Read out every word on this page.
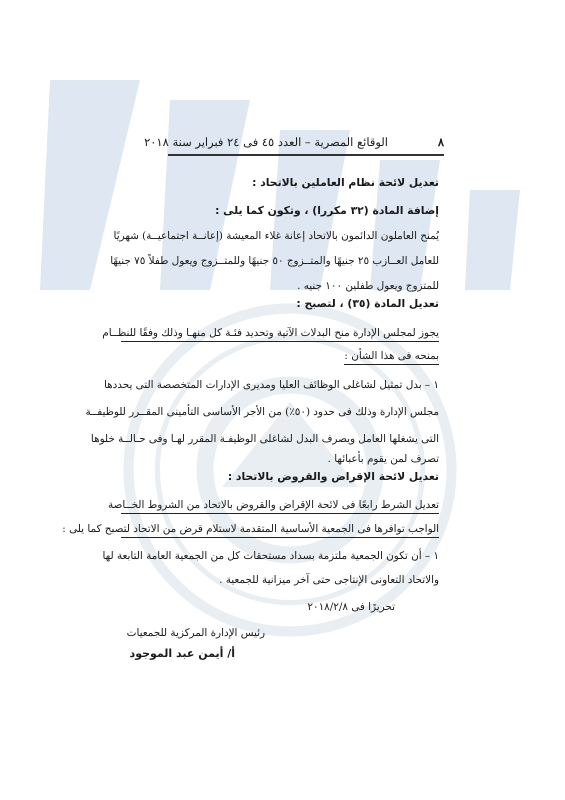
٨
الوقائع المصرية – العدد ٤٥ فى ٢٤ فبراير سنة ٢٠١٨
تعديل لائحة نظام العاملين بالاتحاد :
إضافة المادة (٣٢ مكررا) ، وتكون كما يلى :
يُمنح العاملون الدائمون بالاتحاد إعانة غلاء المعيشة (إعانــة اجتماعيــة) شهريًا
للعامل العــازب ٢٥ جنيهًا والمتــزوج ٥٠ جنيهًا وللمتــزوج ويعول طفلاً ٧٥ جنيهًا
للمتزوج ويعول طفلين ١٠٠ جنيه .
تعديل المادة (٣٥) ، لتصبح :
يجوز لمجلس الإدارة منح البدلات الآتية وتحديد فئـة كل منهـا وذلك وفقًا للنظــام
بمنحه فى هذا الشأن :
١ – بدل تمثيل لشاغلى الوظائف العليا ومديرى الإدارات المتخصصة التى يحددها
مجلس الإدارة وذلك فى حدود (٥٠٪) من الأجر الأساسى التأمينى المقــرر للوظيفــة
التى يشغلها العامل ويصرف البدل لشاغلى الوظيفـة المقرر لهـا وفى حـالــة خلوها
تصرف لمن يقوم بأعبائها .
تعديل لائحة الإقراض والقروض بالاتحاد :
تعديل الشرط رابعًا فى لائحة الإقراض والقروض بالاتحاد من الشروط الخــاصة
الواجب توافرها فى الجمعية الأساسية المتقدمة لاستلام قرض من الاتحاد لتصبح كما يلى :
١ – أن تكون الجمعية ملتزمة بسداد مستحقات كل من الجمعية العامة التابعة لها
والاتحاد التعاونى الإنتاجى حتى آخر ميزانية للجمعية .
تحريرًا فى ٢٠١٨/٢/٨
رئيس الإدارة المركزية للجمعيات
أ/ أيمن عبد الموجود
